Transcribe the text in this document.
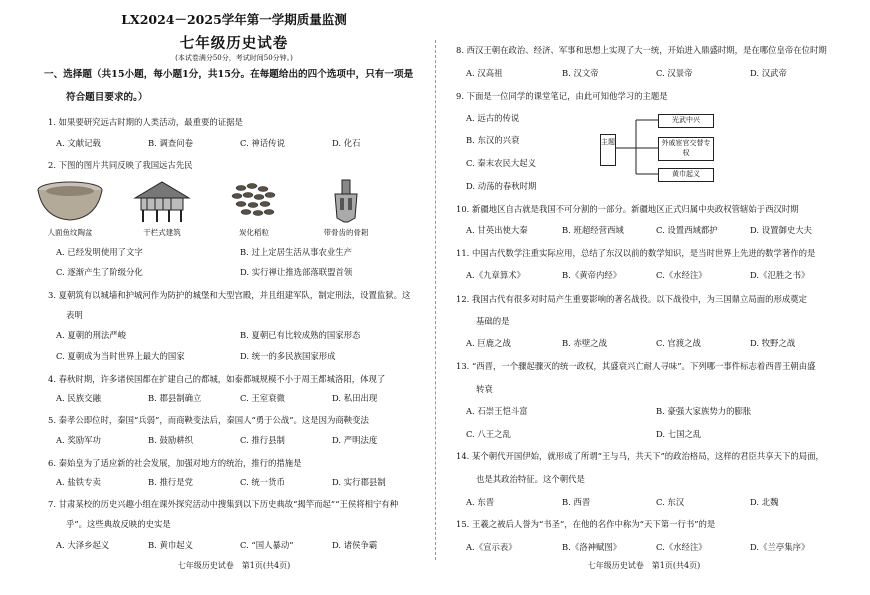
LX2024－2025学年第一学期质量监测
七年级历史试卷
(本试卷满分50分，考试时间50分钟。)
一、选择题（共15小题，每小题1分，共15分。在每题给出的四个选项中，只有一项是
符合题目要求的。）
1. 如果要研究远古时期的人类活动，最重要的证据是
A. 文献记载	B. 调查问卷	C. 神话传说	D. 化石
2. 下图的图片共同反映了我国远古先民
人面鱼纹陶盆	干栏式建筑	炭化稻粒	带骨齿的骨耜
A. 已经发明使用了文字	B. 过上定居生活从事农业生产
C. 逐渐产生了阶级分化	D. 实行禅让推选部落联盟首领
3. 夏朝筑有以城墙和护城河作为防护的城堡和大型宫殿，并且组建军队，制定刑法，设置监狱。这
表明
A. 夏朝的刑法严峻	B. 夏朝已有比较成熟的国家形态
C. 夏朝成为当时世界上最大的国家	D. 统一的多民族国家形成
4. 春秋时期，许多诸侯国都在扩建自己的都城，如泰都城规模不小于周王都城洛阳，体现了
A. 民族交融	B. 郡县制确立	C. 王室衰微	D. 私田出现
5. 秦孝公即位时，秦国“兵弱”，而商鞅变法后，秦国人“勇于公战”。这是因为商鞅变法
A. 奖励军功	B. 鼓励耕织	C. 推行县制	D. 严明法度
6. 秦始皇为了适应新的社会发展，加强对地方的统治，推行的措施是
A. 盐铁专卖	B. 推行是党	C. 统一货币	D. 实行郡县制
7. 甘肃某校的历史兴趣小组在课外探究活动中搜集到以下历史典故“揭竿而起”“王侯将相宁有种
乎”。这些典故反映的史实是
A. 大泽乡起义	B. 黄巾起义	C. “国人暴动”	D. 诸侯争霸
七年级历史试卷　第1页(共4页)
8. 西汉王朝在政治、经济、军事和思想上实现了大一统，开始进入鼎盛时期，是在哪位皇帝在位时期
A. 汉高祖	B. 汉文帝	C. 汉景帝	D. 汉武帝
9. 下面是一位同学的课堂笔记，由此可知他学习的主题是
A. 远古的传说
B. 东汉的兴衰
C. 秦末农民大起义
D. 动荡的春秋时期
主题
光武中兴
外戚宦官交替专权
黄巾起义
10. 新疆地区自古就是我国不可分割的一部分。新疆地区正式归属中央政权管辖始于西汉时期
A. 甘英出使大秦	B. 班超经营西域	C. 设置西域都护	D. 设置御史大夫
11. 中国古代数学注重实际应用，总结了东汉以前的数学知识，是当时世界上先进的数学著作的是
A.《九章算术》	B.《黄帝内经》	C.《水经注》	D.《氾胜之书》
12. 我国古代有很多对时局产生重要影响的著名战役。以下战役中，为三国鼎立局面的形成奠定
基础的是
A. 巨鹿之战	B. 赤壁之战	C. 官渡之战	D. 牧野之战
13. “西晋，一个骤起骤灭的统一政权，其盛衰兴亡耐人寻味”。下列哪一事件标志着西晋王朝由盛
转衰
A. 石崇王恺斗富	B. 豪强大家族势力的膨胀
C. 八王之乱	D. 七国之乱
14. 某个朝代开国伊始，就形成了所谓“王与马，共天下”的政治格局，这样的君臣共享天下的局面，
也是其政治特征。这个朝代是
A. 东晋	B. 西晋	C. 东汉	D. 北魏
15. 王羲之被后人誉为“书圣”，在他的名作中称为“天下第一行书”的是
A.《宣示表》	B.《洛神赋图》	C.《水经注》	D.《兰亭集序》
七年级历史试卷　第1页(共4页)
